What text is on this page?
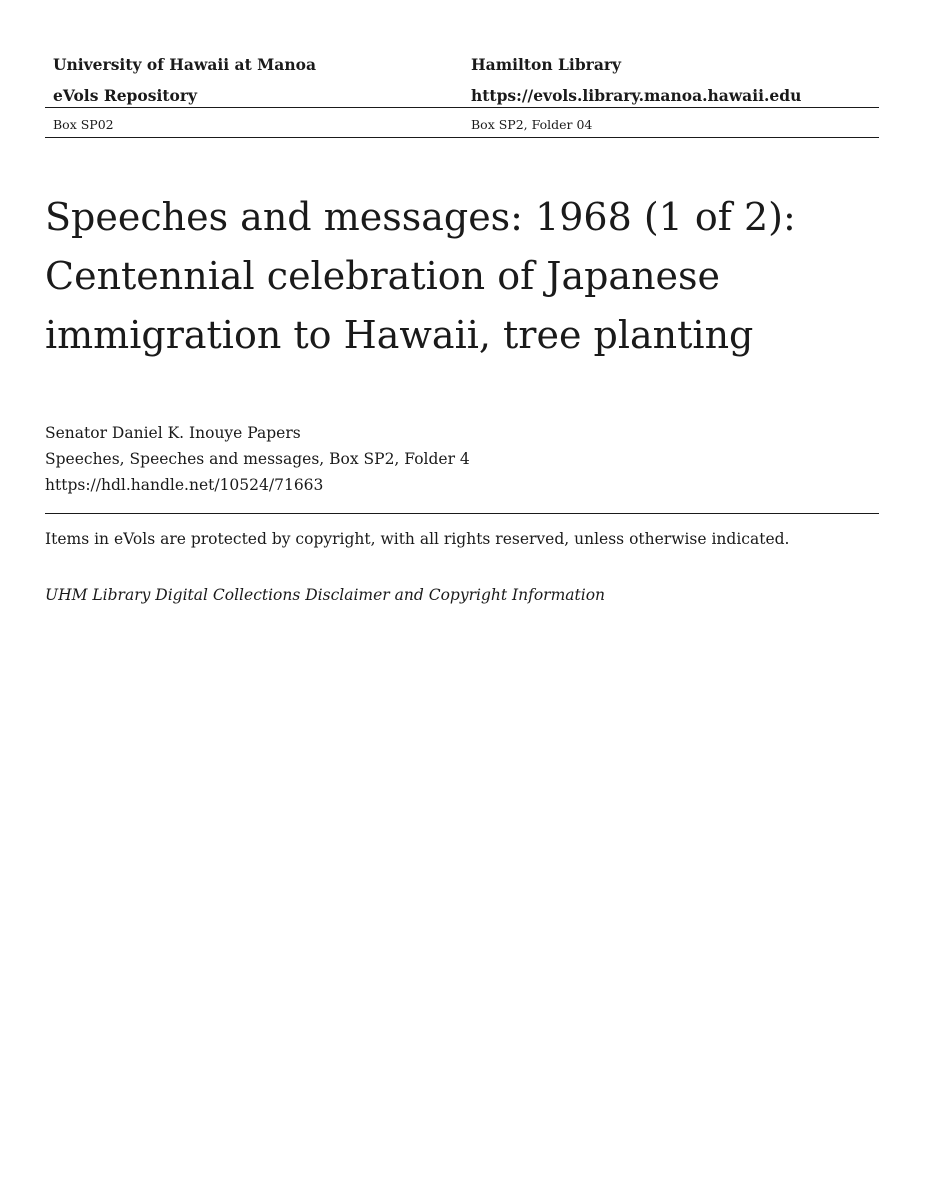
University of Hawaii at Manoa	Hamilton Library
eVols Repository	https://evols.library.manoa.hawaii.edu
Box SP02	Box SP2, Folder 04
Speeches and messages: 1968 (1 of 2):
Centennial celebration of Japanese
immigration to Hawaii, tree planting
Senator Daniel K. Inouye Papers
Speeches, Speeches and messages, Box SP2, Folder 4
https://hdl.handle.net/10524/71663
Items in eVols are protected by copyright, with all rights reserved, unless otherwise indicated.
UHM Library Digital Collections Disclaimer and Copyright Information
